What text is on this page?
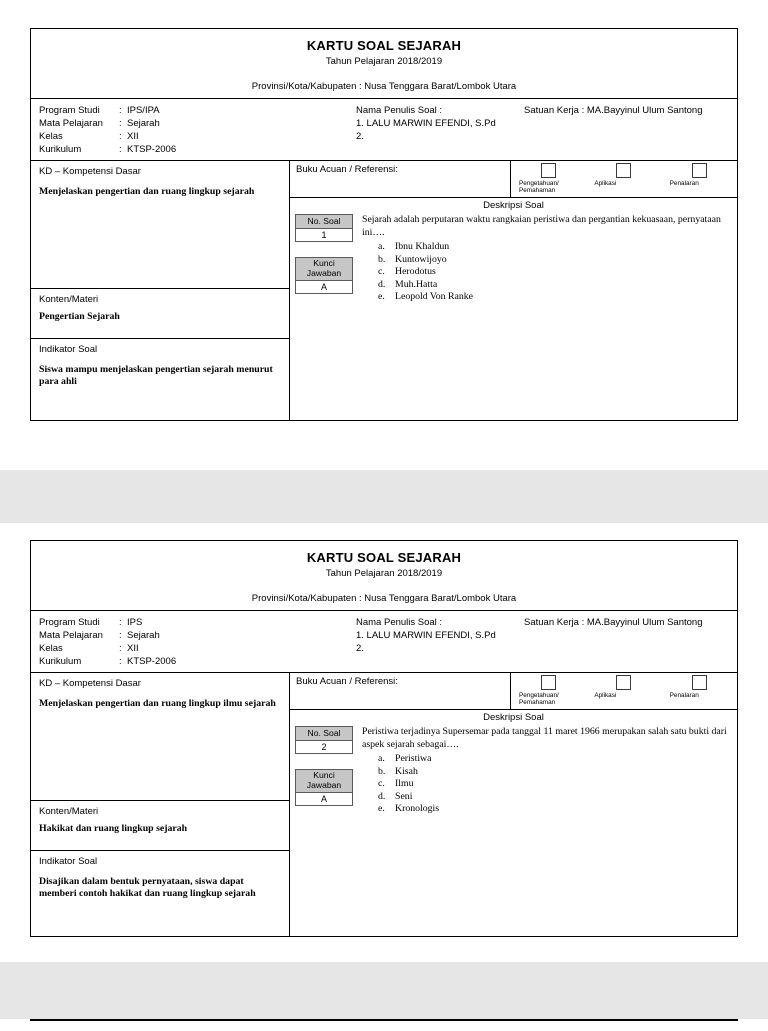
KARTU SOAL SEJARAH
Tahun Pelajaran 2018/2019
Provinsi/Kota/Kabupaten : Nusa Tenggara Barat/Lombok Utara
Program Studi : IPS/IPA
Mata Pelajaran : Sejarah
Kelas	: XII
Kurikulum	: KTSP-2006
Nama Penulis Soal :
1. LALU MARWIN EFENDI, S.Pd
2.
Satuan Kerja : MA.Bayyinul Ulum Santong
KD – Kompetensi Dasar
Menjelaskan pengertian dan ruang lingkup sejarah
Konten/Materi
Pengertian Sejarah
Indikator Soal
Siswa mampu menjelaskan pengertian sejarah menurut para ahli
Buku Acuan / Referensi:
Pengetahuan/
Pemahaman
Aplikasi	Penalaran
Deskripsi Soal
No. Soal
1
Kunci Jawaban
A
Sejarah adalah perputaran waktu rangkaian peristiwa dan pergantian kekuasaan, pernyataan ini….
a.	Ibnu Khaldun
b. Kuntowijoyo
c.	Herodotus
d. Muh.Hatta
e.	Leopold Von Ranke
KARTU SOAL SEJARAH
Tahun Pelajaran 2018/2019
Provinsi/Kota/Kabupaten : Nusa Tenggara Barat/Lombok Utara
Program Studi : IPS
Mata Pelajaran : Sejarah
Kelas	: XII
Kurikulum	: KTSP-2006
Nama Penulis Soal :
1. LALU MARWIN EFENDI, S.Pd
2.
Satuan Kerja : MA.Bayyinul Ulum Santong
KD – Kompetensi Dasar
Menjelaskan pengertian dan ruang lingkup ilmu sejarah
Konten/Materi
Hakikat dan ruang lingkup sejarah
Indikator Soal
Disajikan dalam bentuk pernyataan, siswa dapat memberi contoh hakikat dan ruang lingkup sejarah
Buku Acuan / Referensi:
Pengetahuan/
Pemahaman
Aplikasi	Penalaran
Deskripsi Soal
No. Soal
2
Kunci Jawaban
A
Peristiwa terjadinya Supersemar pada tanggal 11 maret 1966 merupakan salah satu bukti dari aspek sejarah sebagai….
a.	Peristiwa
b. Kisah
c.	Ilmu
d. Seni
e.	Kronologis
